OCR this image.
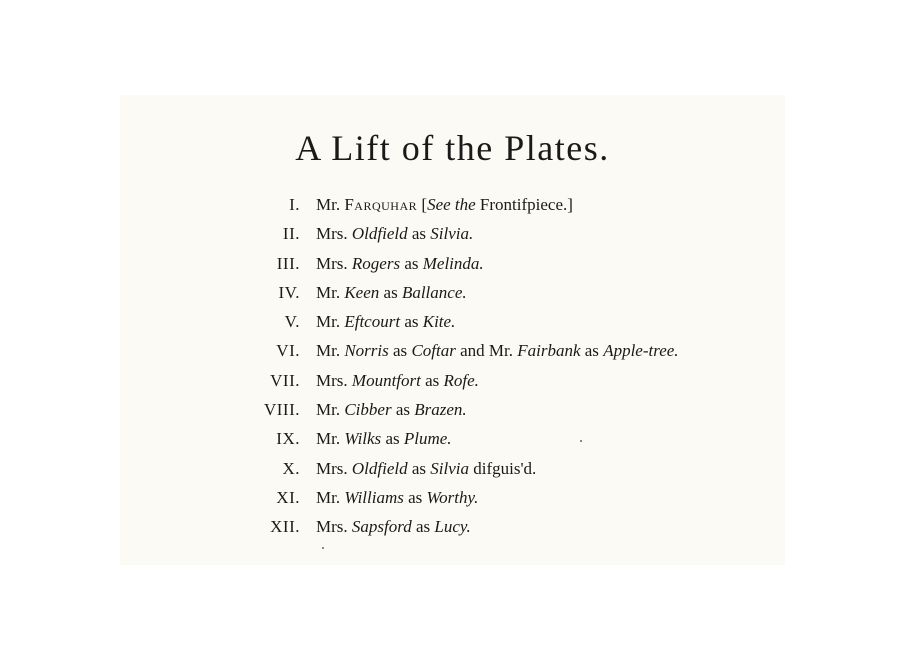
A Lift of the Plates.
I. Mr. Farquhar [See the Frontifpiece.]
II. Mrs. Oldfield as Silvia.
III. Mrs. Rogers as Melinda.
IV. Mr. Keen as Ballance.
V. Mr. Eftcourt as Kite.
VI. Mr. Norris as Coftar and Mr. Fairbank as Apple-tree.
VII. Mrs. Mountfort as Rofe.
VIII. Mr. Cibber as Brazen.
IX. Mr. Wilks as Plume.
X. Mrs. Oldfield as Silvia difguis'd.
XI. Mr. Williams as Worthy.
XII. Mrs. Sapsford as Lucy.
